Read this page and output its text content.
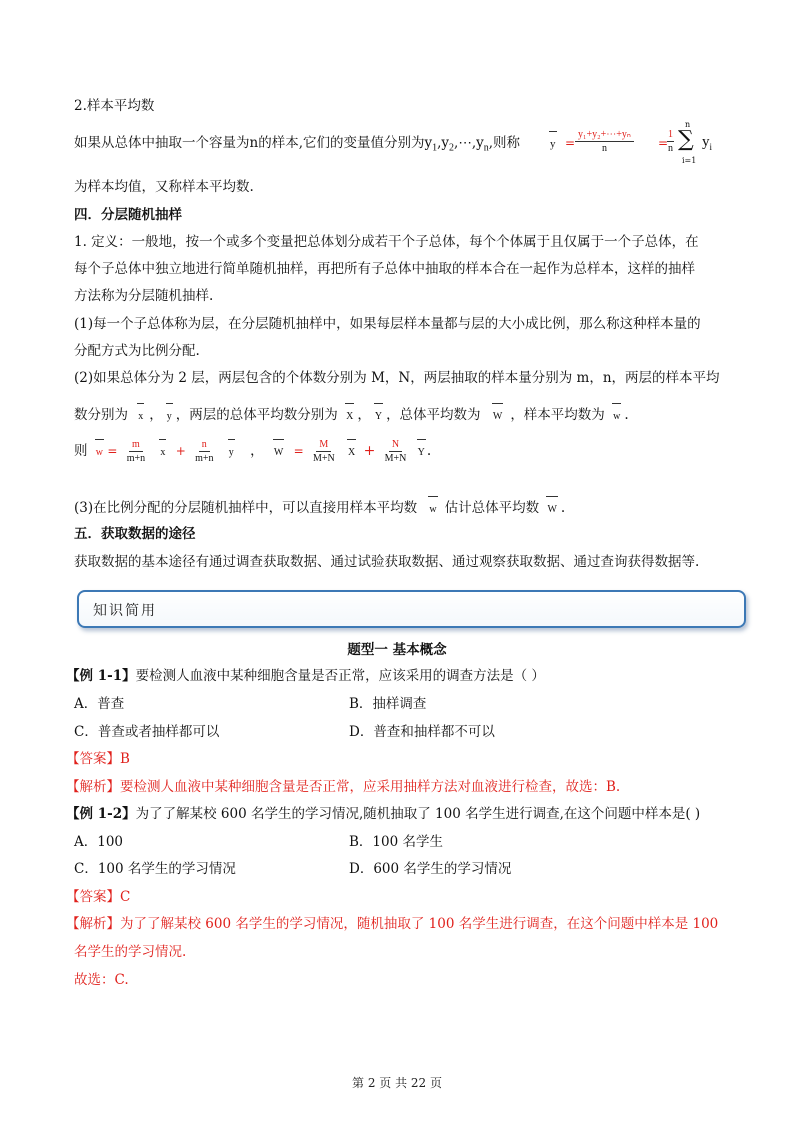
2.样本平均数
如果从总体中抽取一个容量为n的样本,它们的变量值分别为$y_1,y_2,\cdots,y_n$,则称	$y = \frac{\text{y₁+y₂+⋯+yₙ}}{n}$ =
$\frac{1}{n}$
n
∑
i=1
$y_i$
为样本均值，又称样本平均数.
四．分层随机抽样
1. 定义：一般地，按一个或多个变量把总体划分成若干个子总体，每个个体属于且仅属于一个子总体，在
每个子总体中独立地进行简单随机抽样，再把所有子总体中抽取的样本合在一起作为总样本，这样的抽样
方法称为分层随机抽样.
(1)每一个子总体称为层，在分层随机抽样中，如果每层样本量都与层的大小成比例，那么称这种样本量的
分配方式为比例分配.
(2)如果总体分为 2 层，两层包含的个体数分别为 M，N，两层抽取的样本量分别为 m，n，两层的样本平均
数分别为 x ， y ，两层的总体平均数分别为 X ， Y ，总体平均数为 W ，样本平均数为 w .
则 $w = \frac{m}{m+n}$ $x + \frac{n}{m+n}$ y ， $W = \frac{M}{M+N}$ $X + \frac{N}{M+N}$ Y .
(3)在比例分配的分层随机抽样中，可以直接用样本平均数 w 估计总体平均数 W .
五．获取数据的途径
获取数据的基本途径有通过调查获取数据、通过试验获取数据、通过观察获取数据、通过查询获得数据等.
知识简用
题型一 基本概念
【例 1-1】要检测人血液中某种细胞含量是否正常，应该采用的调查方法是（ ）
A．普查	B．抽样调查
C．普查或者抽样都可以	D．普查和抽样都不可以
【答案】B
【解析】要检测人血液中某种细胞含量是否正常，应采用抽样方法对血液进行检查，故选：B.
【例 1-2】为了了解某校 600 名学生的学习情况,随机抽取了 100 名学生进行调查,在这个问题中样本是( )
A．100	B．100 名学生
C．100 名学生的学习情况	D．600 名学生的学习情况
【答案】C
【解析】为了了解某校 600 名学生的学习情况，随机抽取了 100 名学生进行调查，在这个问题中样本是 100
名学生的学习情况.
故选：C.
第 2 页 共 22 页
